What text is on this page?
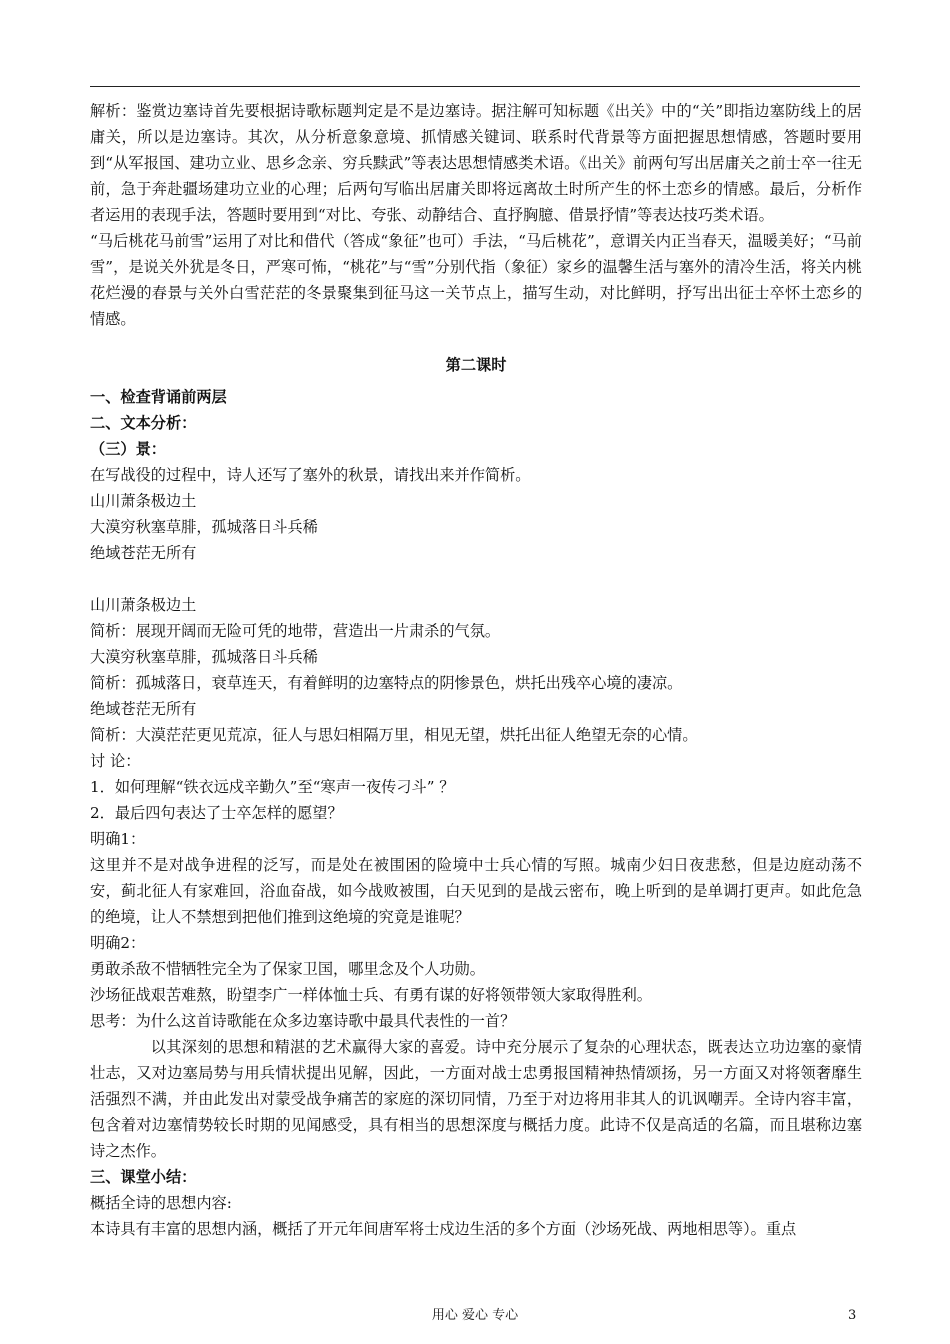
解析：鉴赏边塞诗首先要根据诗歌标题判定是不是边塞诗。据注解可知标题《出关》中的“关”即指边塞防线上的居庸关，所以是边塞诗。其次，从分析意象意境、抓情感关键词、联系时代背景等方面把握思想情感，答题时要用到“从军报国、建功立业、思乡念亲、穷兵黩武”等表达思想情感类术语。《出关》前两句写出居庸关之前士卒一往无前，急于奔赴疆场建功立业的心理；后两句写临出居庸关即将远离故土时所产生的怀土恋乡的情感。最后，分析作者运用的表现手法，答题时要用到“对比、夸张、动静结合、直抒胸臆、借景抒情”等表达技巧类术语。

“马后桃花马前雪”运用了对比和借代（答成“象征”也可）手法，“马后桃花”，意谓关内正当春天，温暖美好；“马前雪”，是说关外犹是冬日，严寒可怖，“桃花”与“雪”分别代指（象征）家乡的温馨生活与塞外的清冷生活，将关内桃花烂漫的春景与关外白雪茫茫的冬景聚集到征马这一关节点上，描写生动，对比鲜明，抒写出出征士卒怀土恋乡的情感。

第二课时
一、检查背诵前两层
二、文本分析：
（三）景：
在写战役的过程中，诗人还写了塞外的秋景，请找出来并作简析。
山川萧条极边土
大漠穷秋塞草腓，孤城落日斗兵稀
绝域苍茫无所有
山川萧条极边土
简析：展现开阔而无险可凭的地带，营造出一片肃杀的气氛。
大漠穷秋塞草腓，孤城落日斗兵稀
简析：孤城落日，衰草连天，有着鲜明的边塞特点的阴惨景色，烘托出残卒心境的凄凉。
绝域苍茫无所有
简析：大漠茫茫更见荒凉，征人与思妇相隔万里，相见无望，烘托出征人绝望无奈的心情。
讨 论：
1．如何理解“铁衣远戍辛勤久”至“寒声一夜传刁斗” ？
2．最后四句表达了士卒怎样的愿望？
明确1：

这里并不是对战争进程的泛写，而是处在被围困的险境中士兵心情的写照。城南少妇日夜悲愁，但是边庭动荡不安，蓟北征人有家难回，浴血奋战，如今战败被围，白天见到的是战云密布，晚上听到的是单调打更声。如此危急的绝境，让人不禁想到把他们推到这绝境的究竟是谁呢？

明确2：
勇敢杀敌不惜牺牲完全为了保家卫国，哪里念及个人功勋。
沙场征战艰苦难熬，盼望李广一样体恤士兵、有勇有谋的好将领带领大家取得胜利。
思考：为什么这首诗歌能在众多边塞诗歌中最具代表性的一首？

以其深刻的思想和精湛的艺术赢得大家的喜爱。诗中充分展示了复杂的心理状态，既表达立功边塞的豪情壮志，又对边塞局势与用兵情状提出见解，因此，一方面对战士忠勇报国精神热情颂扬，另一方面又对将领奢靡生活强烈不满，并由此发出对蒙受战争痛苦的家庭的深切同情，乃至于对边将用非其人的讥讽嘲弄。全诗内容丰富，包含着对边塞情势较长时期的见闻感受，具有相当的思想深度与概括力度。此诗不仅是高适的名篇，而且堪称边塞诗之杰作。

三、课堂小结：
概括全诗的思想内容:
本诗具有丰富的思想内涵，概括了开元年间唐军将士戍边生活的多个方面（沙场死战、两地相思等）。重点
用心 爱心 专心	3
